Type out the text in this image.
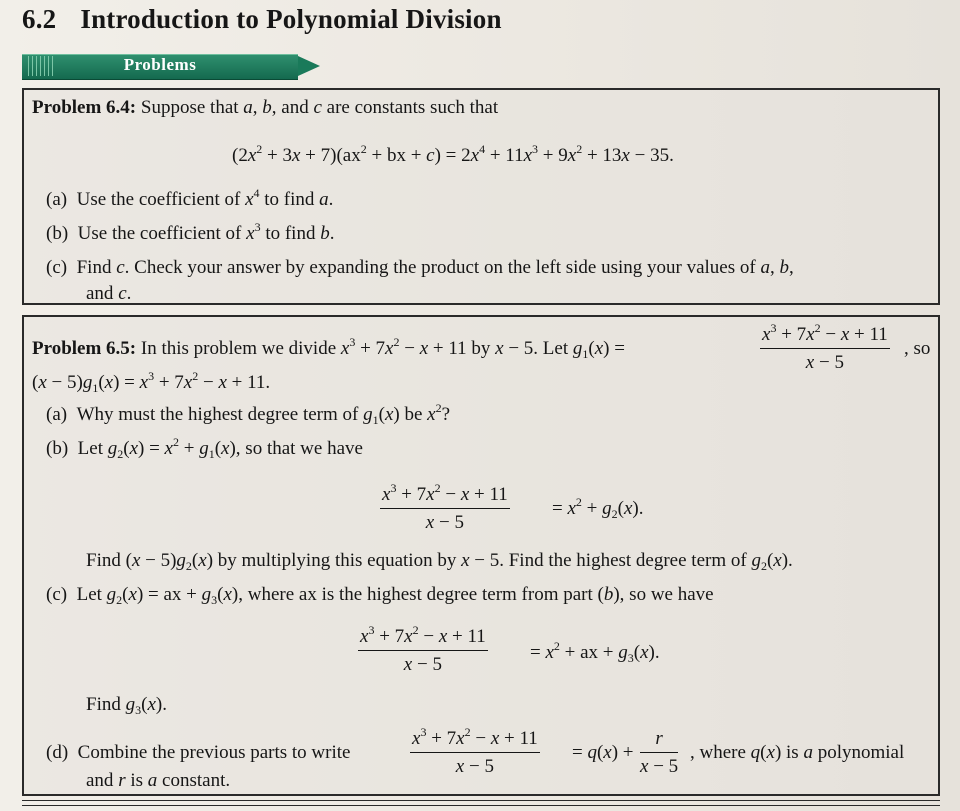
6.2 Introduction to Polynomial Division
Problems
Problem 6.4: Suppose that a, b, and c are constants such that
$(2x^2 + 3x + 7)(ax^2$ + bx + $c) = 2x^4 + 11x^3 + 9x^2 + 13x - 35$.
(a) Use the coefficient of $x^4$ to find a.
(b) Use the coefficient of $x^3$ to find b.
(c) Find c. Check your answer by expanding the product on the left side using your values of a, b,
and c.
Problem 6.5: In this problem we divide $x^3 + 7x^2 - x + 11$ by x − 5. Let $g_1(x)$ =
$x^3 + 7x^2 - x + 11$
x − 5
, so
$(x - 5)g_1(x) = x^3 + 7x^2 - x + 11$.
(a) Why must the highest degree term of $g_1(x)$ be $x^2$?
(b) Let $g_2(x) = x^2 + g_1(x)$, so that we have
$x^3 + 7x^2 - x + 11$
x − 5
= $x^2 + g_2(x)$.
Find $(x - 5)g_2(x)$ by multiplying this equation by x − 5. Find the highest degree term of $g_2(x)$.
(c) Let $g_2(x)$ = ax + $g_3(x)$, where ax is the highest degree term from part (b), so we have
$x^3 + 7x^2 - x + 11$
x − 5
= $x^2$ + ax + $g_3(x)$.
Find $g_3(x)$.
(d) Combine the previous parts to write
$x^3 + 7x^2 - x + 11$
x − 5
= q(x) +
r
x − 5
, where q(x) is a polynomial
and r is a constant.
